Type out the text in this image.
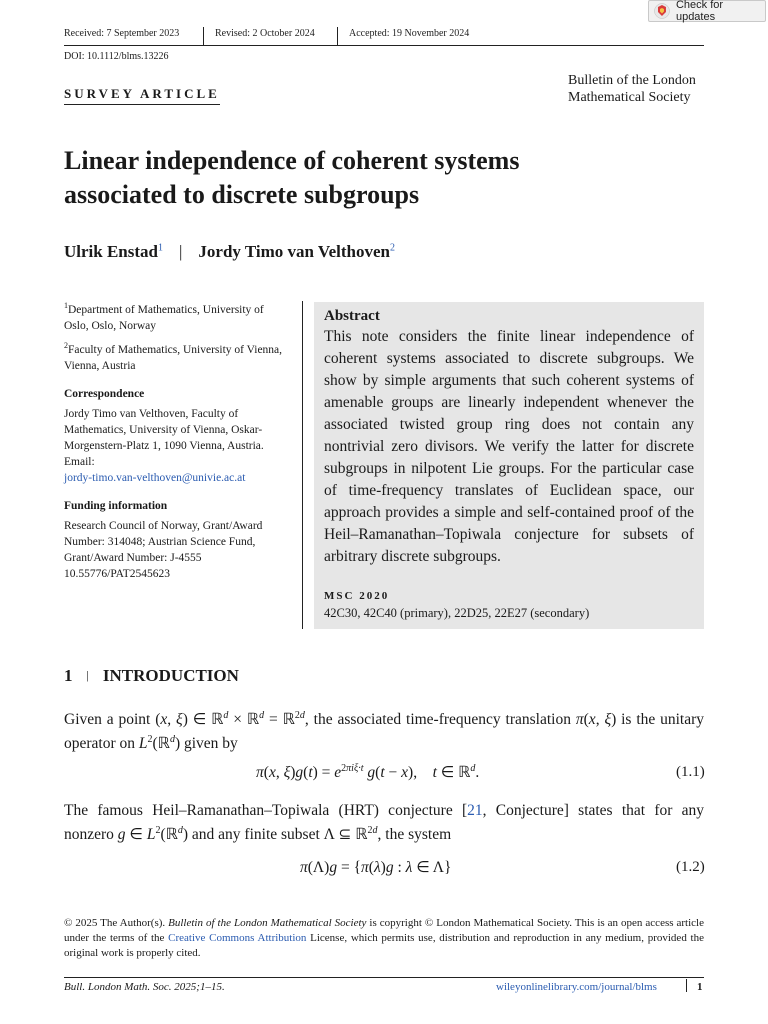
Check for updates
Received: 7 September 2023	Revised: 2 October 2024	Accepted: 19 November 2024
DOI: 10.1112/blms.13226
SURVEY ARTICLE
Bulletin of the London
Mathematical Society
Linear independence of coherent systems
associated to discrete subgroups
Ulrik Enstad$^1$ | Jordy Timo van Velthoven$^2$

$^1$Department of Mathematics, University of Oslo, Oslo, Norway

$^2$Faculty of Mathematics, University of Vienna, Vienna, Austria

Correspondence

Jordy Timo van Velthoven, Faculty of Mathematics, University of Vienna, Oskar-Morgenstern-Platz 1, 1090 Vienna, Austria.

Email:

jordy-timo.van-velthoven@univie.ac.at

Funding information

Research Council of Norway, Grant/Award Number: 314048; Austrian Science Fund, Grant/Award Number: J-4555 10.55776/PAT2545623

Abstract
This note considers the finite linear independence of coherent systems associated to discrete subgroups. We show by simple arguments that such coherent systems of amenable groups are linearly independent whenever the associated twisted group ring does not contain any nontrivial zero divisors. We verify the latter for discrete subgroups in nilpotent Lie groups. For the particular case of time-frequency translates of Euclidean space, our approach provides a simple and self-contained proof of the Heil–Ramanathan–Topiwala conjecture for subsets of arbitrary discrete subgroups.
MSC 2020
42C30, 42C40 (primary), 22D25, 22E27 (secondary)
1 | INTRODUCTION
Given a point (x, ξ) ∈ ℝ$^d$ × ℝ$^d$ = ℝ$^{2d}$, the associated time-frequency translation π(x, ξ) is the unitary operator on $L^2(ℝ^d)$ given by
π(x, $\xi)g(t) = e^{2\pi i\xi\cdot t}$ g(t − x),    t ∈ ℝ$^d$.	(1.1)
The famous Heil–Ramanathan–Topiwala (HRT) conjecture [21, Conjecture] states that for any nonzero g ∈ $L^2(ℝ^d)$ and any finite subset Λ ⊆ ℝ$^{2d}$, the system
π(Λ)g = {π(λ)g : λ ∈ Λ}	(1.2)
© 2025 The Author(s). Bulletin of the London Mathematical Society is copyright © London Mathematical Society. This is an open access article under the terms of the Creative Commons Attribution License, which permits use, distribution and reproduction in any medium, provided the original work is properly cited.
Bull. London Math. Soc. 2025;1–15.	wileyonlinelibrary.com/journal/blms	1
